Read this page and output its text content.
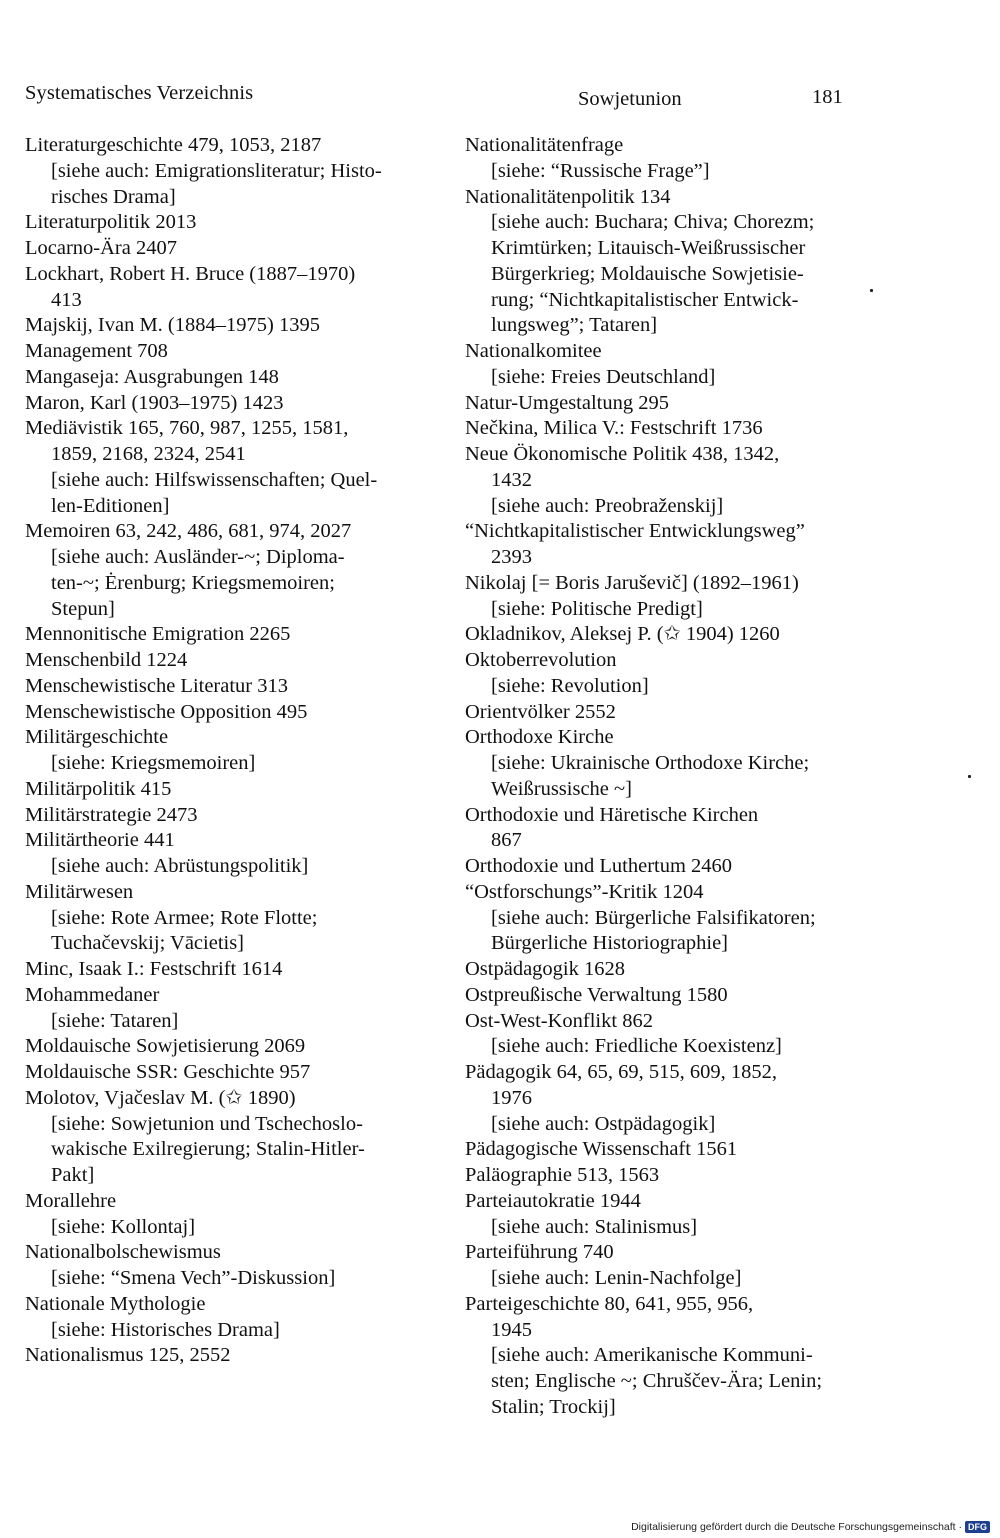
Systematisches Verzeichnis	Sowjetunion	181
Literaturgeschichte 479, 1053, 2187
[siehe auch: Emigrationsliteratur; Histo-
risches Drama]
Literaturpolitik 2013
Locarno-Ära 2407
Lockhart, Robert H. Bruce (1887–1970)
413
Majskij, Ivan M. (1884–1975) 1395
Management 708
Mangaseja: Ausgrabungen 148
Maron, Karl (1903–1975) 1423
Mediävistik 165, 760, 987, 1255, 1581,
1859, 2168, 2324, 2541
[siehe auch: Hilfswissenschaften; Quel-
len-Editionen]
Memoiren 63, 242, 486, 681, 974, 2027
[siehe auch: Ausländer-~; Diploma-
ten-~; Ėrenburg; Kriegsmemoiren;
Stepun]
Mennonitische Emigration 2265
Menschenbild 1224
Menschewistische Literatur 313
Menschewistische Opposition 495
Militärgeschichte
[siehe: Kriegsmemoiren]
Militärpolitik 415
Militärstrategie 2473
Militärtheorie 441
[siehe auch: Abrüstungspolitik]
Militärwesen
[siehe: Rote Armee; Rote Flotte;
Tuchačevskij; Vācietis]
Minc, Isaak I.: Festschrift 1614
Mohammedaner
[siehe: Tataren]
Moldauische Sowjetisierung 2069
Moldauische SSR: Geschichte 957
Molotov, Vjačeslav M. (✩ 1890)
[siehe: Sowjetunion und Tschechoslo-
wakische Exilregierung; Stalin-Hitler-
Pakt]
Morallehre
[siehe: Kollontaj]
Nationalbolschewismus
[siehe: “Smena Vech”-Diskussion]
Nationale Mythologie
[siehe: Historisches Drama]
Nationalismus 125, 2552
Nationalitätenfrage
[siehe: “Russische Frage”]
Nationalitätenpolitik 134
[siehe auch: Buchara; Chiva; Chorezm;
Krimtürken; Litauisch-Weißrussischer
Bürgerkrieg; Moldauische Sowjetisie-
rung; “Nichtkapitalistischer Entwick-
lungsweg”; Tataren]
Nationalkomitee
[siehe: Freies Deutschland]
Natur-Umgestaltung 295
Nečkina, Milica V.: Festschrift 1736
Neue Ökonomische Politik 438, 1342,
1432
[siehe auch: Preobraženskij]
“Nichtkapitalistischer Entwicklungsweg”
2393
Nikolaj [= Boris Jaruševič] (1892–1961)
[siehe: Politische Predigt]
Okladnikov, Aleksej P. (✩ 1904) 1260
Oktoberrevolution
[siehe: Revolution]
Orientvölker 2552
Orthodoxe Kirche
[siehe: Ukrainische Orthodoxe Kirche;
Weißrussische ~]
Orthodoxie und Häretische Kirchen
867
Orthodoxie und Luthertum 2460
“Ostforschungs”-Kritik 1204
[siehe auch: Bürgerliche Falsifikatoren;
Bürgerliche Historiographie]
Ostpädagogik 1628
Ostpreußische Verwaltung 1580
Ost-West-Konflikt 862
[siehe auch: Friedliche Koexistenz]
Pädagogik 64, 65, 69, 515, 609, 1852,
1976
[siehe auch: Ostpädagogik]
Pädagogische Wissenschaft 1561
Paläographie 513, 1563
Parteiautokratie 1944
[siehe auch: Stalinismus]
Parteiführung 740
[siehe auch: Lenin-Nachfolge]
Parteigeschichte 80, 641, 955, 956,
1945
[siehe auch: Amerikanische Kommuni-
sten; Englische ~; Chruščev-Ära; Lenin;
Stalin; Trockij]
Digitalisierung gefördert durch die Deutsche Forschungsgemeinschaft · DFG
